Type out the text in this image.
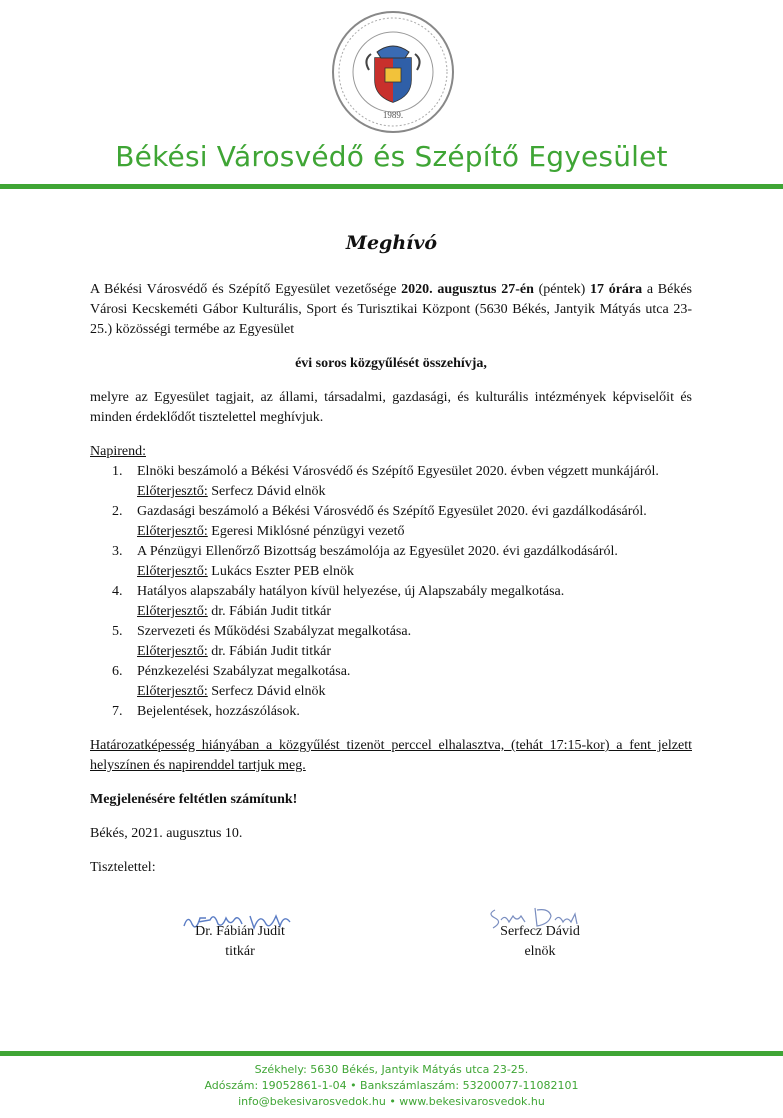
1989.
Békési Városvédő és Szépítő Egyesület
Meghívó

A Békési Városvédő és Szépítő Egyesület vezetősége 2020. augusztus 27-én (péntek) 17 órára a Békés Városi Kecskeméti Gábor Kulturális, Sport és Turisztikai Központ (5630 Békés, Jantyik Mátyás utca 23-25.) közösségi termébe az Egyesület

évi soros közgyűlését összehívja,

melyre az Egyesület tagjait, az állami, társadalmi, gazdasági, és kulturális intézmények képviselőit és minden érdeklődőt tisztelettel meghívjuk.

Napirend:

1. Elnöki beszámoló a Békési Városvédő és Szépítő Egyesület 2020. évben végzett munkájáról.
Előterjesztő: Serfecz Dávid elnök
2. Gazdasági beszámoló a Békési Városvédő és Szépítő Egyesület 2020. évi gazdálkodásáról.
Előterjesztő: Egeresi Miklósné pénzügyi vezető
3. A Pénzügyi Ellenőrző Bizottság beszámolója az Egyesület 2020. évi gazdálkodásáról.
Előterjesztő: Lukács Eszter PEB elnök
4. Hatályos alapszabály hatályon kívül helyezése, új Alapszabály megalkotása.
Előterjesztő: dr. Fábián Judit titkár
5. Szervezeti és Működési Szabályzat megalkotása.
Előterjesztő: dr. Fábián Judit titkár
6. Pénzkezelési Szabályzat megalkotása.
Előterjesztő: Serfecz Dávid elnök
7. Bejelentések, hozzászólások.

Határozatképesség hiányában a közgyűlést tizenöt perccel elhalasztva, (tehát 17:15-kor) a fent jelzett helyszínen és napirenddel tartjuk meg.

Megjelenésére feltétlen számítunk!

Békés, 2021. augusztus 10.

Tisztelettel:

Dr. Fábián Judit
titkár
Serfecz Dávid
elnök
Székhely: 5630 Békés, Jantyik Mátyás utca 23-25.
Adószám: 19052861-1-04 • Bankszámlaszám: 53200077-11082101
info@bekesivarosvedok.hu • www.bekesivarosvedok.hu
